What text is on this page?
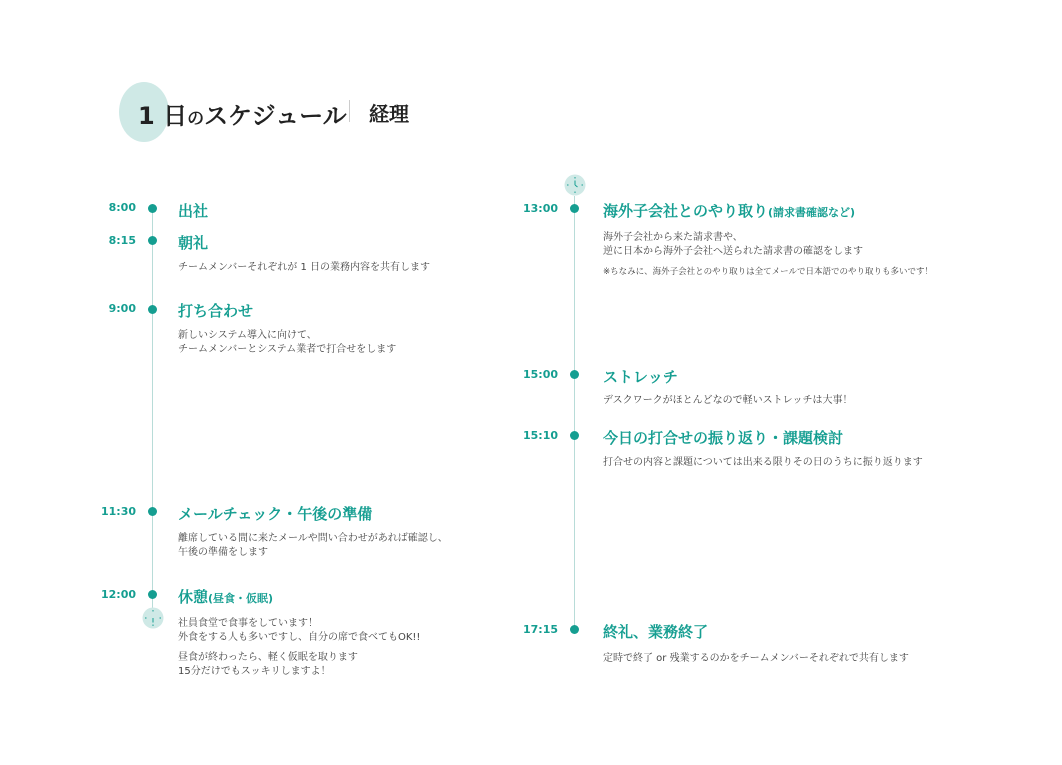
1 日のスケジュール 経理
8:00	出社
8:15	朝礼
チームメンバーそれぞれが 1 日の業務内容を共有します
9:00	打ち合わせ
新しいシステム導入に向けて、
チームメンバーとシステム業者で打合せをします
11:30	メールチェック・午後の準備
離席している間に来たメールや問い合わせがあれば確認し、
午後の準備をします
12:00	休憩(昼食・仮眠)
社員食堂で食事をしています！
外食をする人も多いですし、自分の席で食べてもOK!!
昼食が終わったら、軽く仮眠を取ります
15分だけでもスッキリしますよ！
13:00	海外子会社とのやり取り(請求書確認など)
海外子会社から来た請求書や、
逆に日本から海外子会社へ送られた請求書の確認をします
※ちなみに、海外子会社とのやり取りは全てメールで日本語でのやり取りも多いです！
15:00	ストレッチ
デスクワークがほとんどなので軽いストレッチは大事！
15:10	今日の打合せの振り返り・課題検討
打合せの内容と課題については出来る限りその日のうちに振り返ります
17:15	終礼、業務終了
定時で終了 or 残業するのかをチームメンバーそれぞれで共有します
